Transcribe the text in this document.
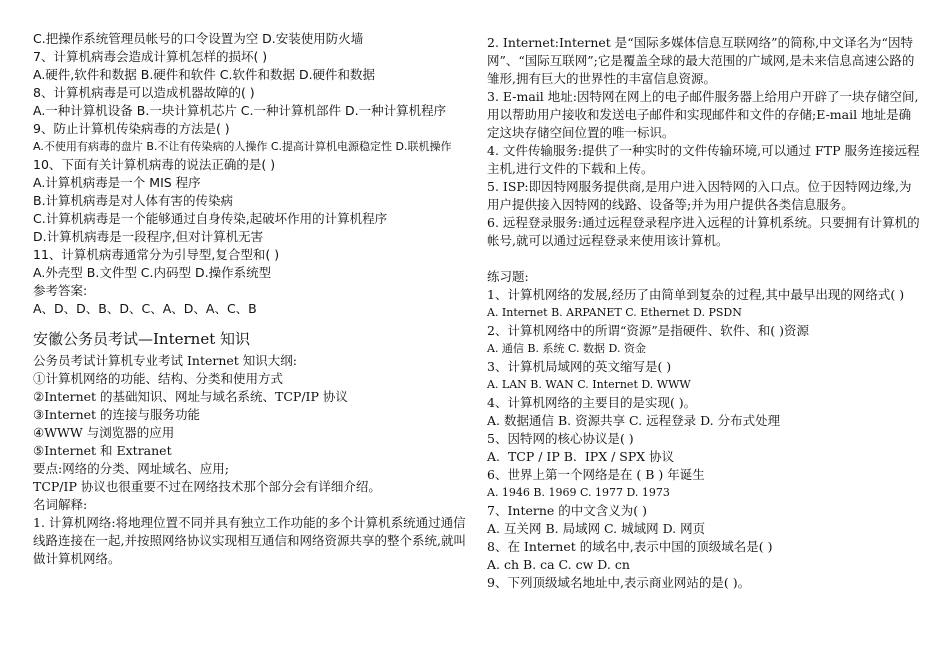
C.把操作系统管理员帐号的口令设置为空 D.安装使用防火墙

7、计算机病毒会造成计算机怎样的损坏( )

A.硬件,软件和数据 B.硬件和软件 C.软件和数据 D.硬件和数据

8、计算机病毒是可以造成机器故障的( )

A.一种计算机设备 B.一块计算机芯片 C.一种计算机部件 D.一种计算机程序

9、防止计算机传染病毒的方法是( )

A.不使用有病毒的盘片 B.不让有传染病的人操作 C.提高计算机电源稳定性 D.联机操作

10、下面有关计算机病毒的说法正确的是( )

A.计算机病毒是一个 MIS 程序

B.计算机病毒是对人体有害的传染病

C.计算机病毒是一个能够通过自身传染,起破坏作用的计算机程序

D.计算机病毒是一段程序,但对计算机无害

11、计算机病毒通常分为引导型,复合型和( )

A.外壳型 B.文件型 C.内码型 D.操作系统型

参考答案:

A、D、D、B、D、C、A、D、A、C、B

安徽公务员考试—Internet 知识

公务员考试计算机专业考试 Internet 知识大纲:

①计算机网络的功能、结构、分类和使用方式

②Internet 的基础知识、网址与域名系统、TCP/IP 协议

③Internet 的连接与服务功能

④WWW 与浏览器的应用

⑤Internet 和 Extranet

要点:网络的分类、网址域名、应用;

TCP/IP 协议也很重要不过在网络技术那个部分会有详细介绍。

名词解释:

1. 计算机网络:将地理位置不同并具有独立工作功能的多个计算机系统通过通信线路连接在一起,并按照网络协议实现相互通信和网络资源共享的整个系统,就叫做计算机网络。

2. Internet:Internet 是“国际多媒体信息互联网络”的简称,中文译名为“因特网”、“国际互联网”;它是覆盖全球的最大范围的广域网,是未来信息高速公路的雏形,拥有巨大的世界性的丰富信息资源。

3. E-mail 地址:因特网在网上的电子邮件服务器上给用户开辟了一块存储空间,用以帮助用户接收和发送电子邮件和实现邮件和文件的存储;E-mail 地址是确定这块存储空间位置的唯一标识。

4. 文件传输服务:提供了一种实时的文件传输环境,可以通过 FTP 服务连接远程主机,进行文件的下载和上传。

5. ISP:即因特网服务提供商,是用户进入因特网的入口点。位于因特网边缘,为用户提供接入因特网的线路、设备等;并为用户提供各类信息服务。

6. 远程登录服务:通过远程登录程序进入远程的计算机系统。只要拥有计算机的帐号,就可以通过远程登录来使用该计算机。

练习题:

1、计算机网络的发展,经历了由简单到复杂的过程,其中最早出现的网络式( )

A. Internet B. ARPANET C. Ethernet D. PSDN

2、计算机网络中的所谓“资源”是指硬件、软件、和( )资源

A. 通信 B. 系统 C. 数据 D. 资金

3、计算机局域网的英文缩写是( )

A. LAN B. WAN C. Internet D. WWW

4、计算机网络的主要目的是实现( )。

A. 数据通信 B. 资源共享 C. 远程登录 D. 分布式处理

5、因特网的核心协议是( )

A.  TCP / IP B.  IPX / SPX 协议

6、世界上第一个网络是在 ( B ) 年诞生

A. 1946 B. 1969 C. 1977 D. 1973

7、Interne 的中文含义为( )

A. 互关网 B. 局域网 C. 城域网 D. 网页

8、在 Internet 的域名中,表示中国的顶级域名是( )

A. ch B. ca C. cw D. cn

9、下列顶级域名地址中,表示商业网站的是( )。
